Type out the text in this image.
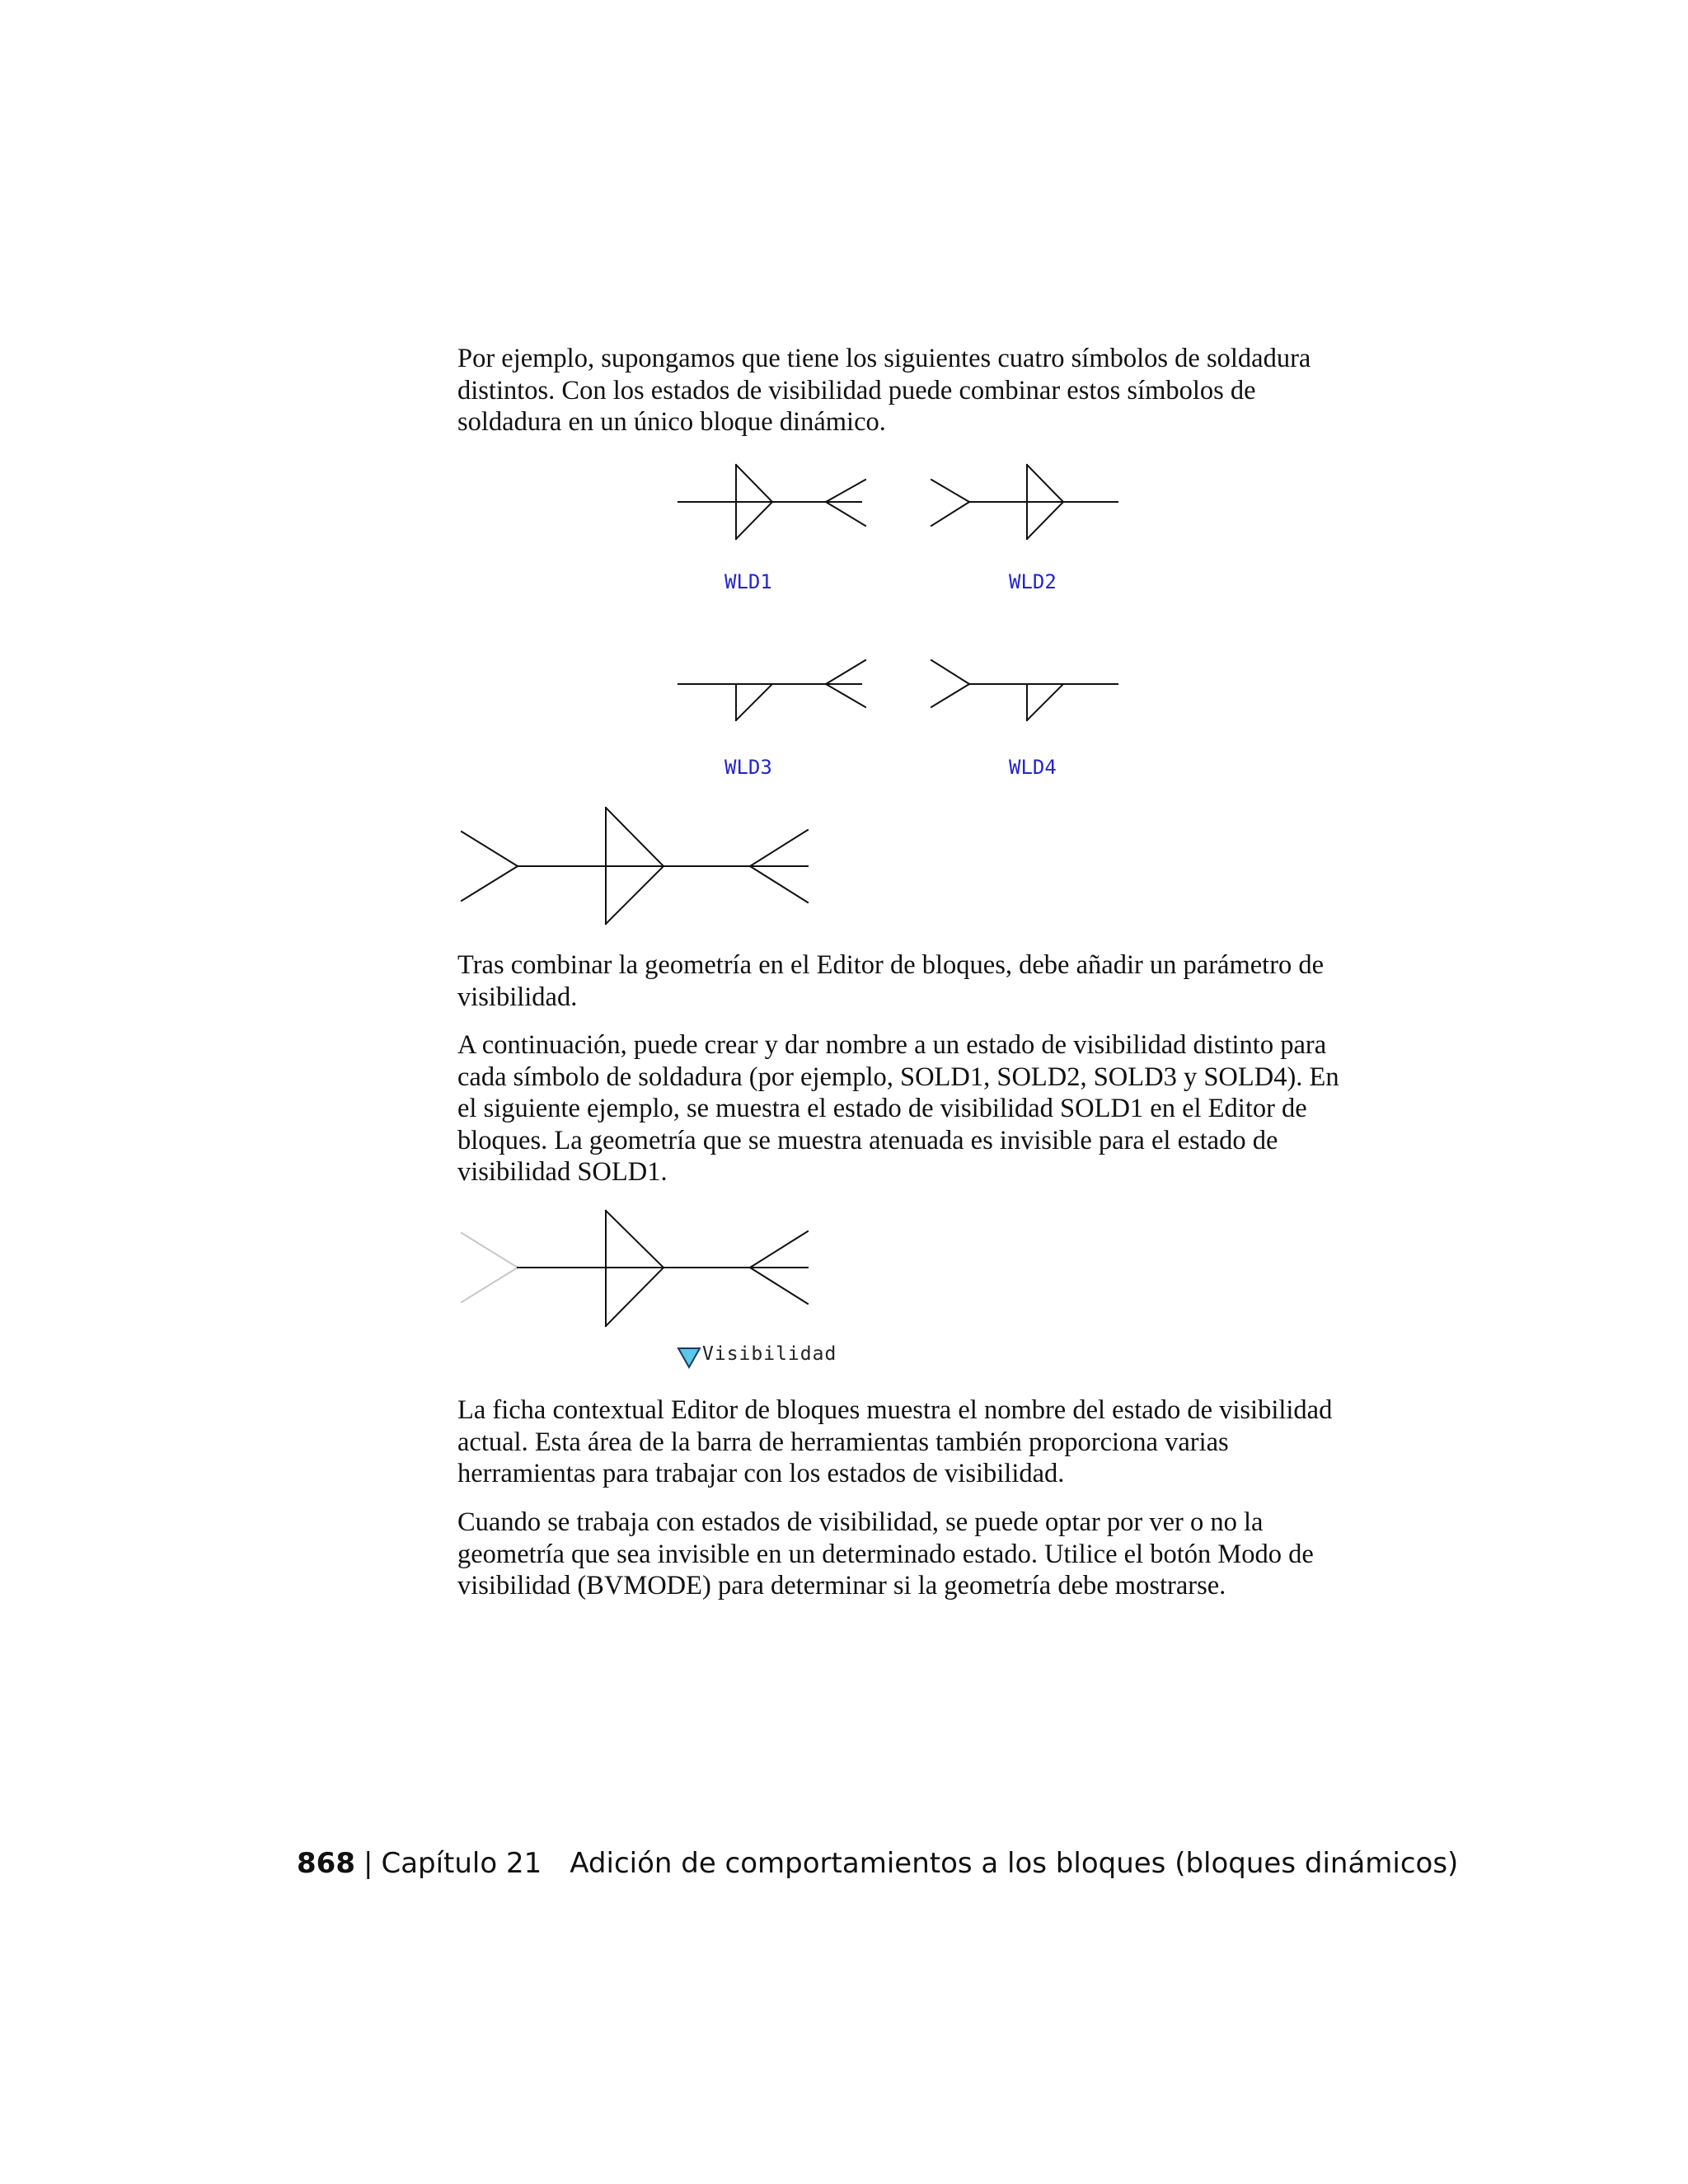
Por ejemplo, supongamos que tiene los siguientes cuatro símbolos de soldadura distintos. Con los estados de visibilidad puede combinar estos símbolos de soldadura en un único bloque dinámico.

WLD1	WLD2
WLD3	WLD4

Tras combinar la geometría en el Editor de bloques, debe añadir un parámetro de visibilidad.

A continuación, puede crear y dar nombre a un estado de visibilidad distinto para cada símbolo de soldadura (por ejemplo, SOLD1, SOLD2, SOLD3 y SOLD4). En el siguiente ejemplo, se muestra el estado de visibilidad SOLD1 en el Editor de bloques. La geometría que se muestra atenuada es invisible para el estado de visibilidad SOLD1.

Visibilidad

La ficha contextual Editor de bloques muestra el nombre del estado de visibilidad actual. Esta área de la barra de herramientas también proporciona varias herramientas para trabajar con los estados de visibilidad.

Cuando se trabaja con estados de visibilidad, se puede optar por ver o no la geometría que sea invisible en un determinado estado. Utilice el botón Modo de visibilidad (BVMODE) para determinar si la geometría debe mostrarse.

868 | Capítulo 21 Adición de comportamientos a los bloques (bloques dinámicos)
